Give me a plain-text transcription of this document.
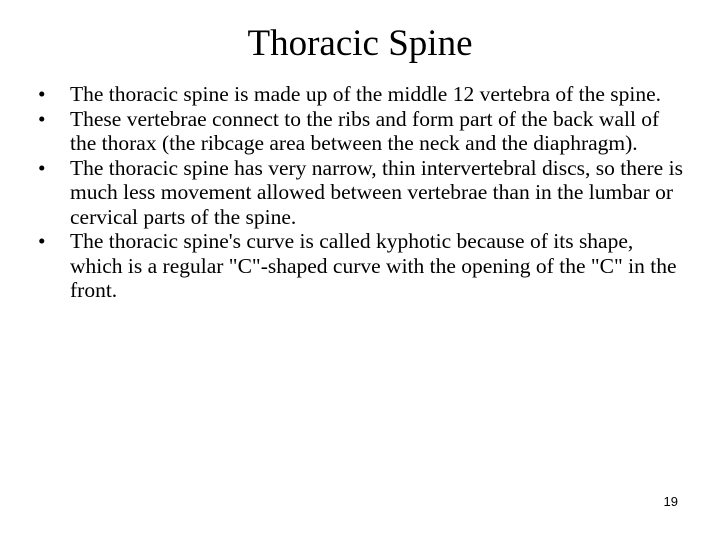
Thoracic Spine
•	The thoracic spine is made up of the middle 12 vertebra of the spine.
•	These vertebrae connect to the ribs and form part of the back wall of the thorax (the ribcage area between the neck and the diaphragm).
•	The thoracic spine has very narrow, thin intervertebral discs, so there is much less movement allowed between vertebrae than in the lumbar or cervical parts of the spine.
•	The thoracic spine's curve is called kyphotic because of its shape, which is a regular "C"-shaped curve with the opening of the "C" in the front.
19
